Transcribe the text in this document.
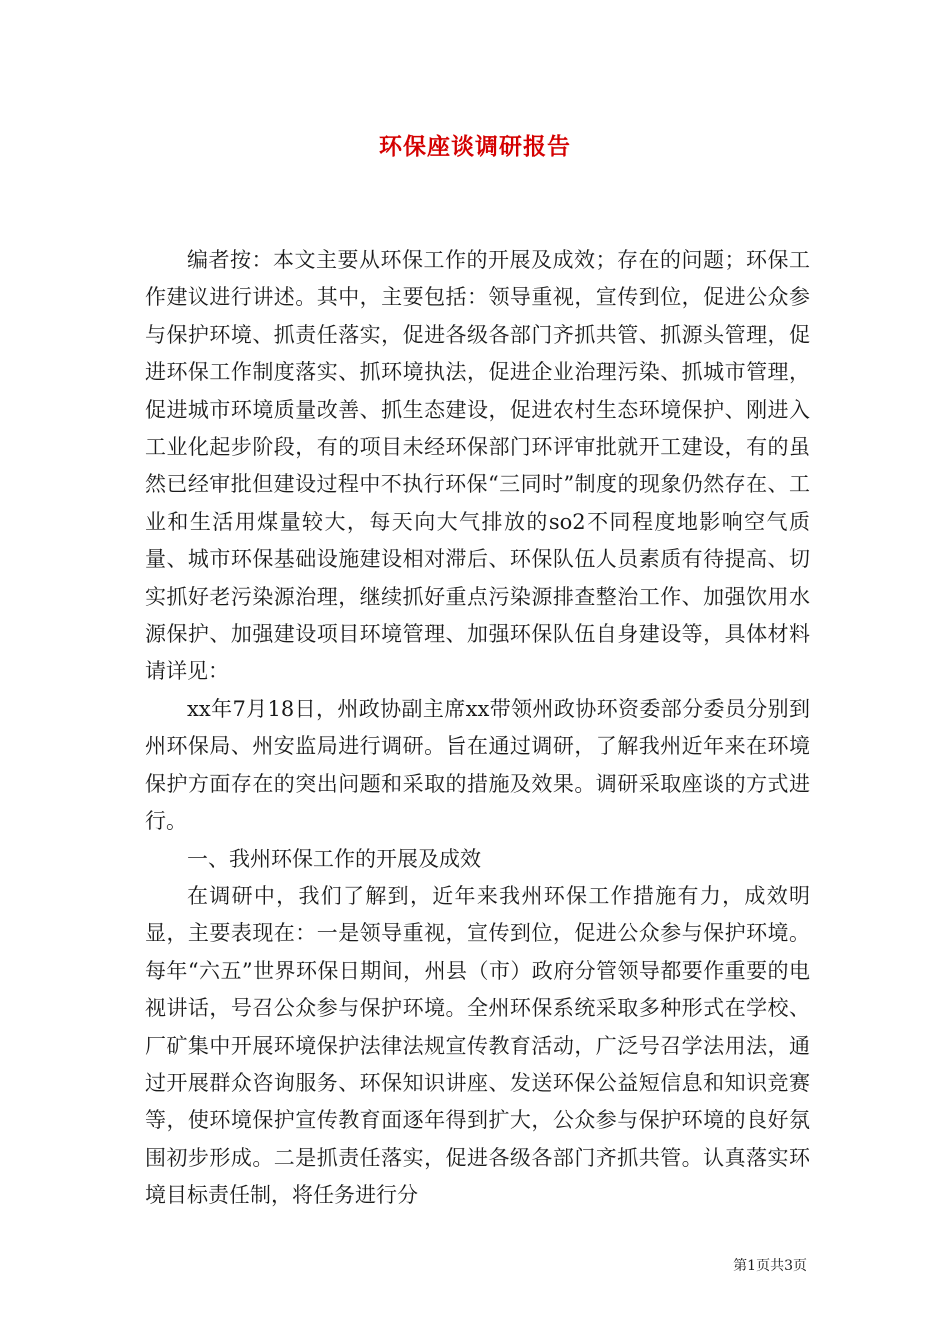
环保座谈调研报告

编者按：本文主要从环保工作的开展及成效；存在的问题；环保工作建议进行讲述。其中，主要包括：领导重视，宣传到位，促进公众参与保护环境、抓责任落实，促进各级各部门齐抓共管、抓源头管理，促进环保工作制度落实、抓环境执法，促进企业治理污染、抓城市管理，促进城市环境质量改善、抓生态建设，促进农村生态环境保护、刚进入工业化起步阶段，有的项目未经环保部门环评审批就开工建设，有的虽然已经审批但建设过程中不执行环保“三同时”制度的现象仍然存在、工业和生活用煤量较大，每天向大气排放的so2不同程度地影响空气质量、城市环保基础设施建设相对滞后、环保队伍人员素质有待提高、切实抓好老污染源治理，继续抓好重点污染源排查整治工作、加强饮用水源保护、加强建设项目环境管理、加强环保队伍自身建设等，具体材料请详见：

xx年7月18日，州政协副主席xx带领州政协环资委部分委员分别到州环保局、州安监局进行调研。旨在通过调研，了解我州近年来在环境保护方面存在的突出问题和采取的措施及效果。调研采取座谈的方式进行。

一、我州环保工作的开展及成效

在调研中，我们了解到，近年来我州环保工作措施有力，成效明显，主要表现在：一是领导重视，宣传到位，促进公众参与保护环境。每年“六五”世界环保日期间，州县（市）政府分管领导都要作重要的电视讲话，号召公众参与保护环境。全州环保系统采取多种形式在学校、厂矿集中开展环境保护法律法规宣传教育活动，广泛号召学法用法，通过开展群众咨询服务、环保知识讲座、发送环保公益短信息和知识竞赛等，使环境保护宣传教育面逐年得到扩大，公众参与保护环境的良好氛围初步形成。二是抓责任落实，促进各级各部门齐抓共管。认真落实环境目标责任制，将任务进行分

第1页共3页
